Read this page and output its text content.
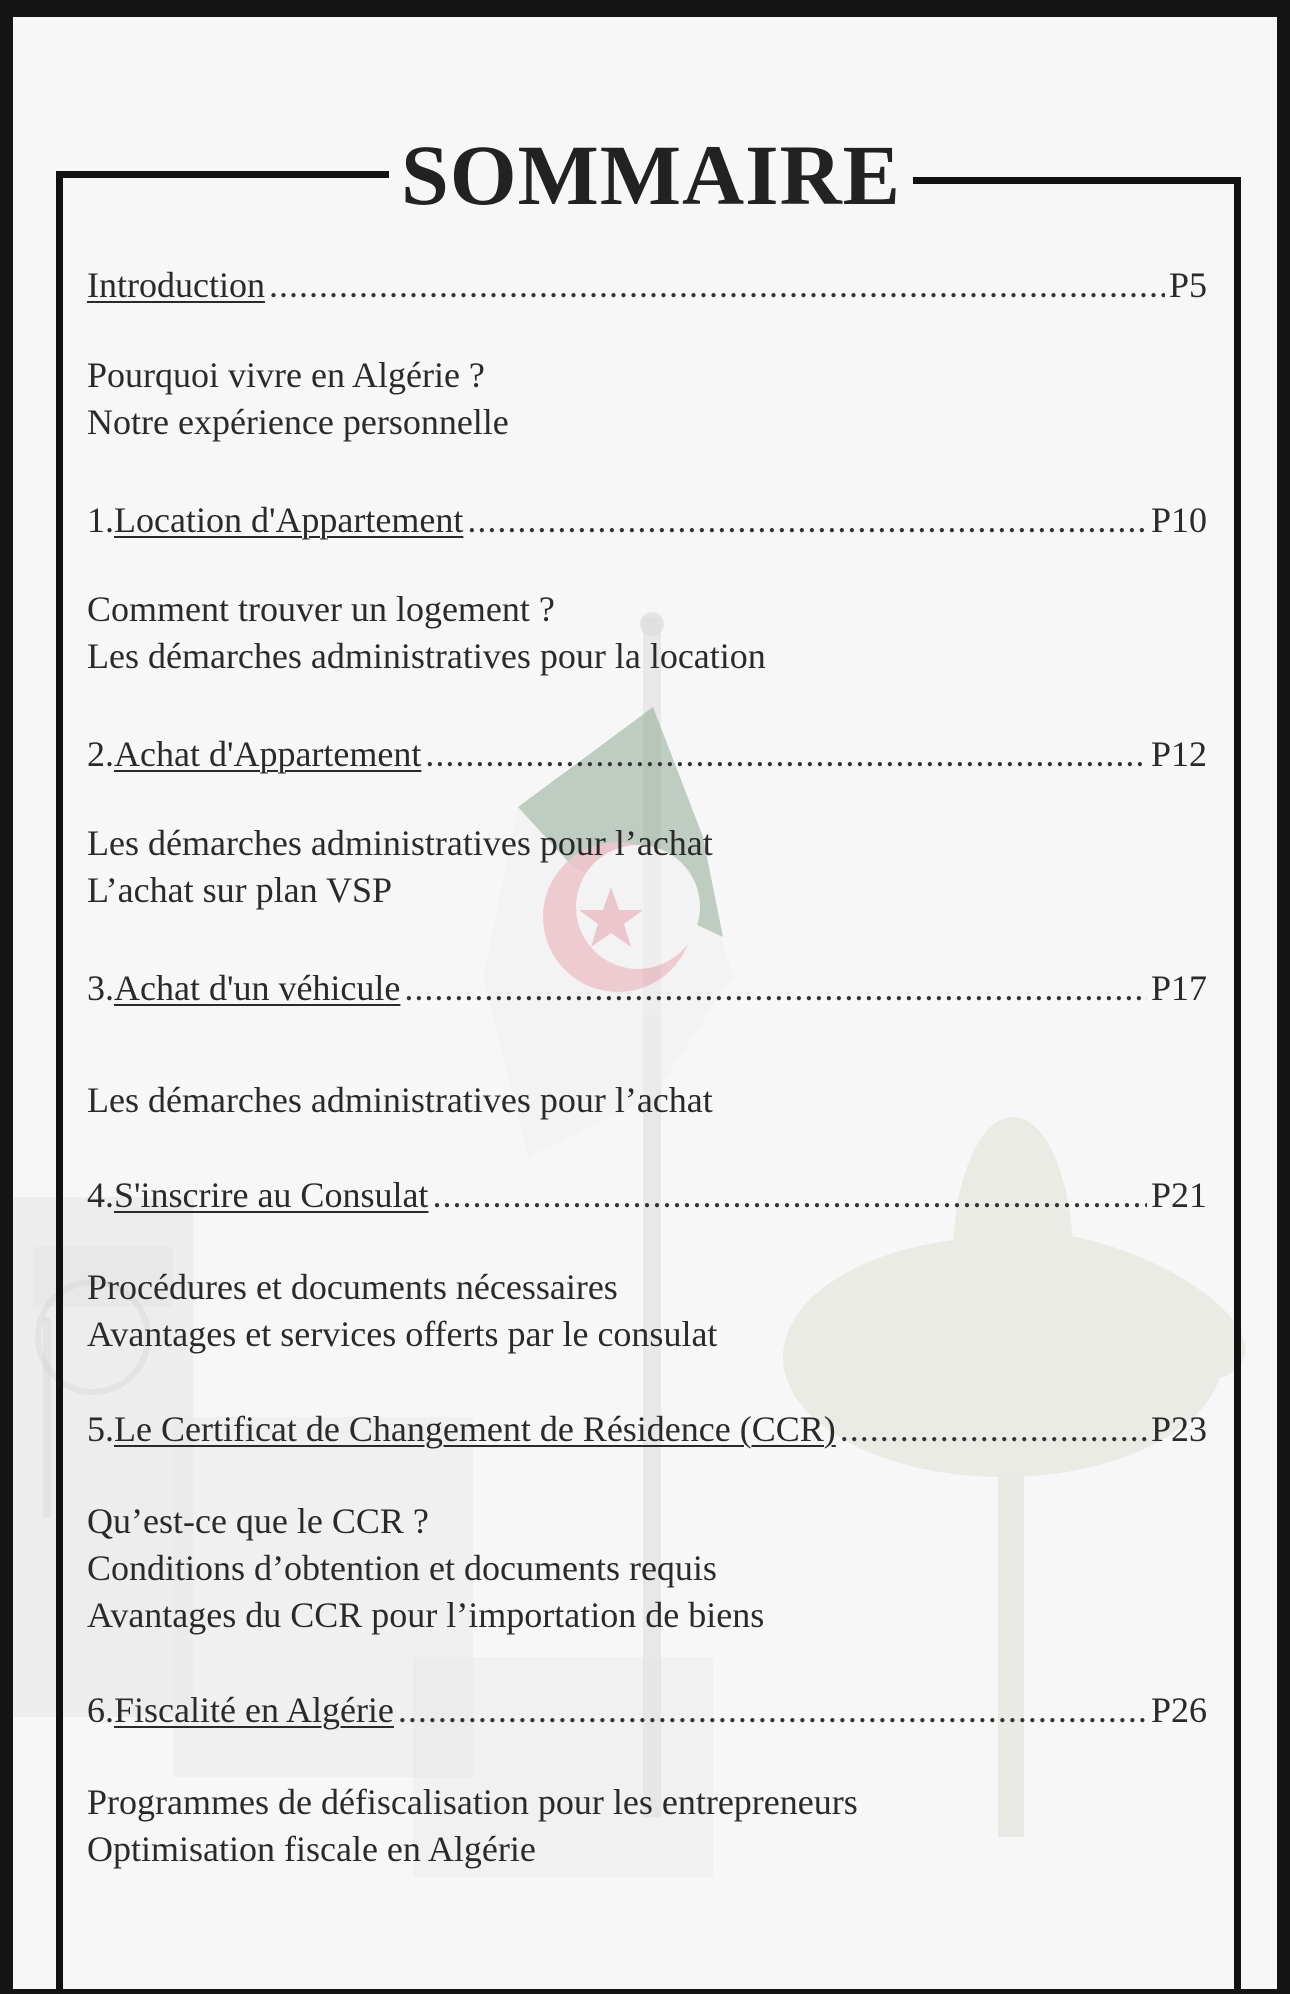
SOMMAIRE
Introduction .....	P5
Pourquoi vivre en Algérie ?
Notre expérience personnelle
1. Location d'Appartement .....	P10
Comment trouver un logement ?
Les démarches administratives pour la location
2. Achat d'Appartement .....	P12
Les démarches administratives pour l’achat
L’achat sur plan VSP
3. Achat d'un véhicule .....	P17
Les démarches administratives pour l’achat
4. S'inscrire au Consulat .....	P21
Procédures et documents nécessaires
Avantages et services offerts par le consulat
5. Le Certificat de Changement de Résidence (CCR) .....	P23
Qu’est-ce que le CCR ?
Conditions d’obtention et documents requis
Avantages du CCR pour l’importation de biens
6. Fiscalité en Algérie .....	P26
Programmes de défiscalisation pour les entrepreneurs
Optimisation fiscale en Algérie
